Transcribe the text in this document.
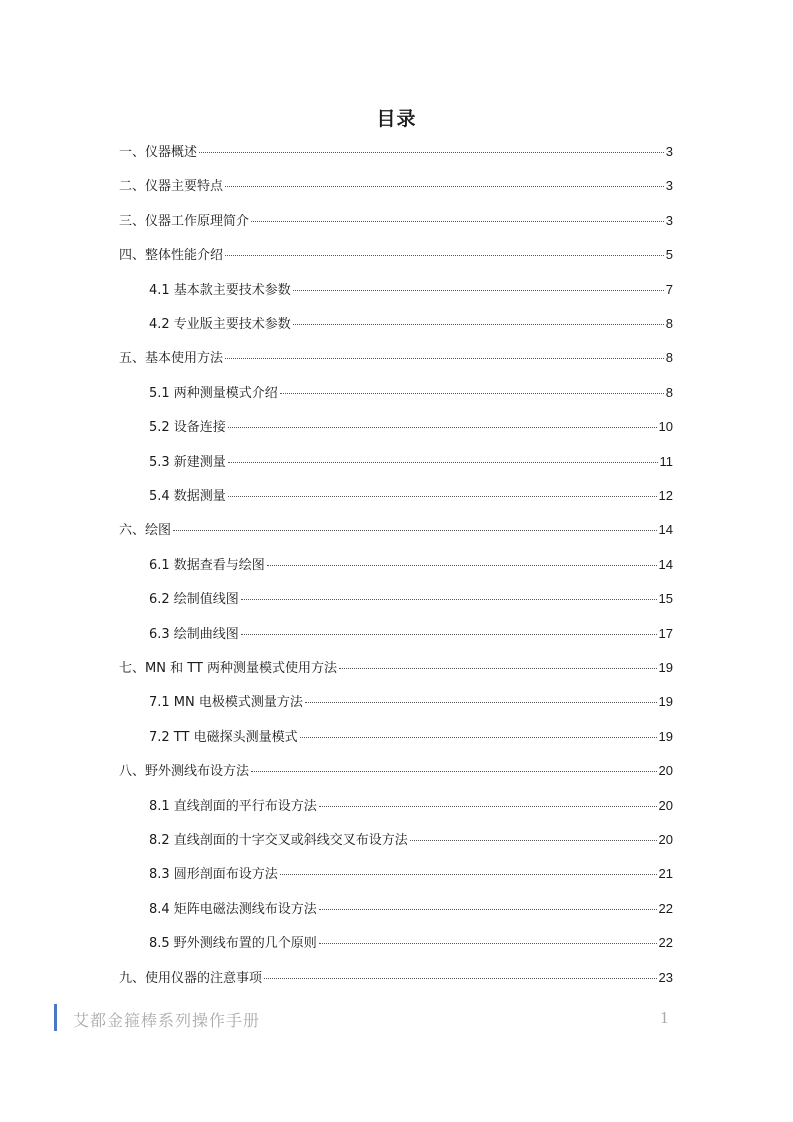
目录
一、仪器概述	3
二、仪器主要特点	3
三、仪器工作原理简介	3
四、整体性能介绍	5
4.1 基本款主要技术参数	7
4.2 专业版主要技术参数	8
五、基本使用方法	8
5.1 两种测量模式介绍	8
5.2 设备连接	10
5.3 新建测量	11
5.4 数据测量	12
六、绘图	14
6.1 数据查看与绘图	14
6.2 绘制值线图	15
6.3 绘制曲线图	17
七、MN 和 TT 两种测量模式使用方法	19
7.1 MN 电极模式测量方法	19
7.2 TT 电磁探头测量模式	19
八、野外测线布设方法	20
8.1 直线剖面的平行布设方法	20
8.2 直线剖面的十字交叉或斜线交叉布设方法	20
8.3 圆形剖面布设方法	21
8.4 矩阵电磁法测线布设方法	22
8.5 野外测线布置的几个原则	22
九、使用仪器的注意事项	23
艾都金箍棒系列操作手册	1
